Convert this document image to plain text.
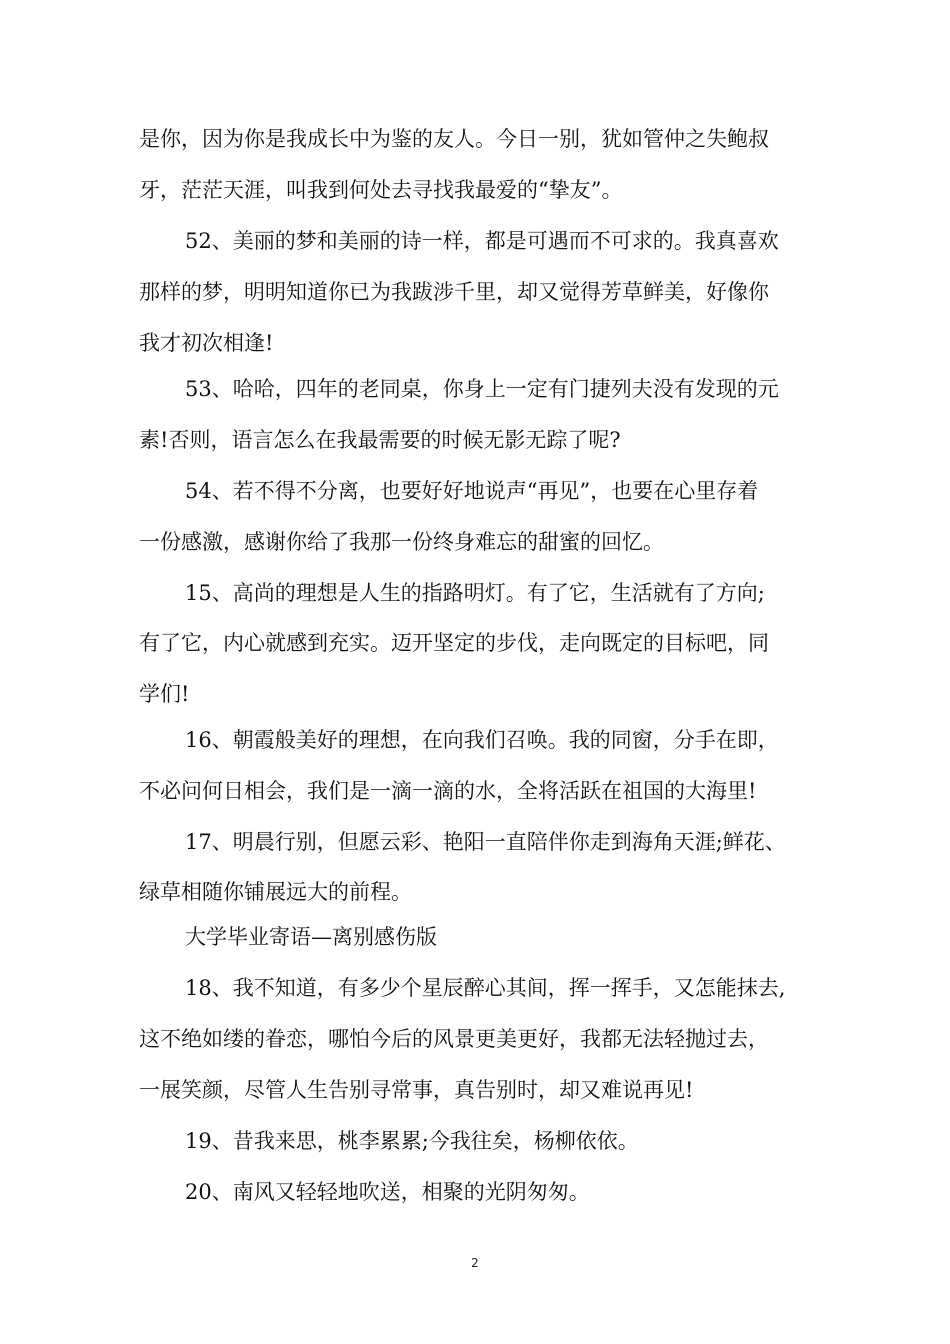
是你，因为你是我成长中为鉴的友人。今日一别，犹如管仲之失鲍叔
牙，茫茫天涯，叫我到何处去寻找我最爱的“挚友”。
52、美丽的梦和美丽的诗一样，都是可遇而不可求的。我真喜欢
那样的梦，明明知道你已为我跋涉千里，却又觉得芳草鲜美，好像你
我才初次相逢!
53、哈哈，四年的老同桌，你身上一定有门捷列夫没有发现的元
素!否则，语言怎么在我最需要的时候无影无踪了呢?
54、若不得不分离，也要好好地说声“再见”，也要在心里存着
一份感激，感谢你给了我那一份终身难忘的甜蜜的回忆。
15、高尚的理想是人生的指路明灯。有了它，生活就有了方向;
有了它，内心就感到充实。迈开坚定的步伐，走向既定的目标吧，同
学们!
16、朝霞般美好的理想，在向我们召唤。我的同窗，分手在即，
不必问何日相会，我们是一滴一滴的水，全将活跃在祖国的大海里!
17、明晨行别，但愿云彩、艳阳一直陪伴你走到海角天涯;鲜花、
绿草相随你铺展远大的前程。
大学毕业寄语—离别感伤版
18、我不知道，有多少个星辰醉心其间，挥一挥手，又怎能抹去,
这不绝如缕的眷恋，哪怕今后的风景更美更好，我都无法轻抛过去，
一展笑颜，尽管人生告别寻常事，真告别时，却又难说再见!
19、昔我来思，桃李累累;今我往矣，杨柳依依。
20、南风又轻轻地吹送，相聚的光阴匆匆。
2
